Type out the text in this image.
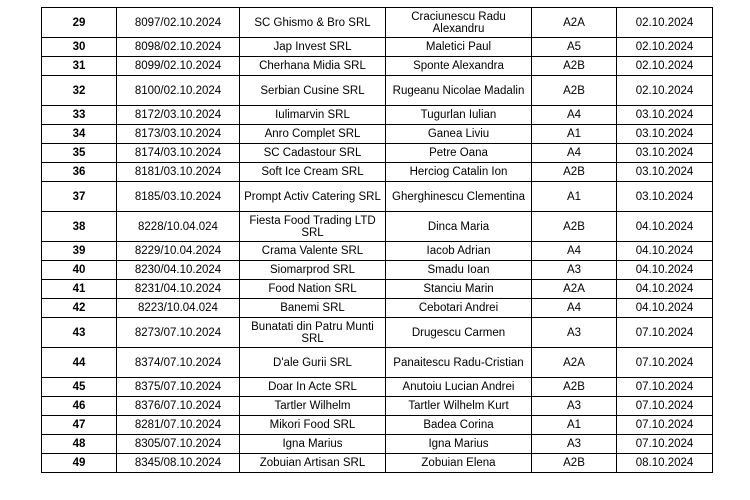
29	8097/02.10.2024	SC Ghismo & Bro SRL	Craciunescu Radu Alexandru	A2A	02.10.2024
30	8098/02.10.2024	Jap Invest SRL	Maletici Paul	A5	02.10.2024
31	8099/02.10.2024	Cherhana Midia SRL	Sponte Alexandra	A2B	02.10.2024
32	8100/02.10.2024	Serbian Cusine SRL	Rugeanu Nicolae Madalin	A2B	02.10.2024
33	8172/03.10.2024	Iulimarvin SRL	Tugurlan Iulian	A4	03.10.2024
34	8173/03.10.2024	Anro Complet SRL	Ganea Liviu	A1	03.10.2024
35	8174/03.10.2024	SC Cadastour SRL	Petre Oana	A4	03.10.2024
36	8181/03.10.2024	Soft Ice Cream SRL	Herciog Catalin Ion	A2B	03.10.2024
37	8185/03.10.2024	Prompt Activ Catering SRL	Gherghinescu Clementina	A1	03.10.2024
38	8228/10.04.024	Fiesta Food Trading LTD SRL	Dinca Maria	A2B	04.10.2024
39	8229/10.04.2024	Crama Valente SRL	Iacob Adrian	A4	04.10.2024
40	8230/04.10.2024	Siomarprod SRL	Smadu Ioan	A3	04.10.2024
41	8231/04.10.2024	Food Nation SRL	Stanciu Marin	A2A	04.10.2024
42	8223/10.04.024	Banemi SRL	Cebotari Andrei	A4	04.10.2024
43	8273/07.10.2024	Bunatati din Patru Munti SRL	Drugescu Carmen	A3	07.10.2024
44	8374/07.10.2024	D'ale Gurii SRL	Panaitescu Radu-Cristian	A2A	07.10.2024
45	8375/07.10.2024	Doar In Acte SRL	Anutoiu Lucian Andrei	A2B	07.10.2024
46	8376/07.10.2024	Tartler Wilhelm	Tartler Wilhelm Kurt	A3	07.10.2024
47	8281/07.10.2024	Mikori Food SRL	Badea Corina	A1	07.10.2024
48	8305/07.10.2024	Igna Marius	Igna Marius	A3	07.10.2024
49	8345/08.10.2024	Zobuian Artisan SRL	Zobuian Elena	A2B	08.10.2024
